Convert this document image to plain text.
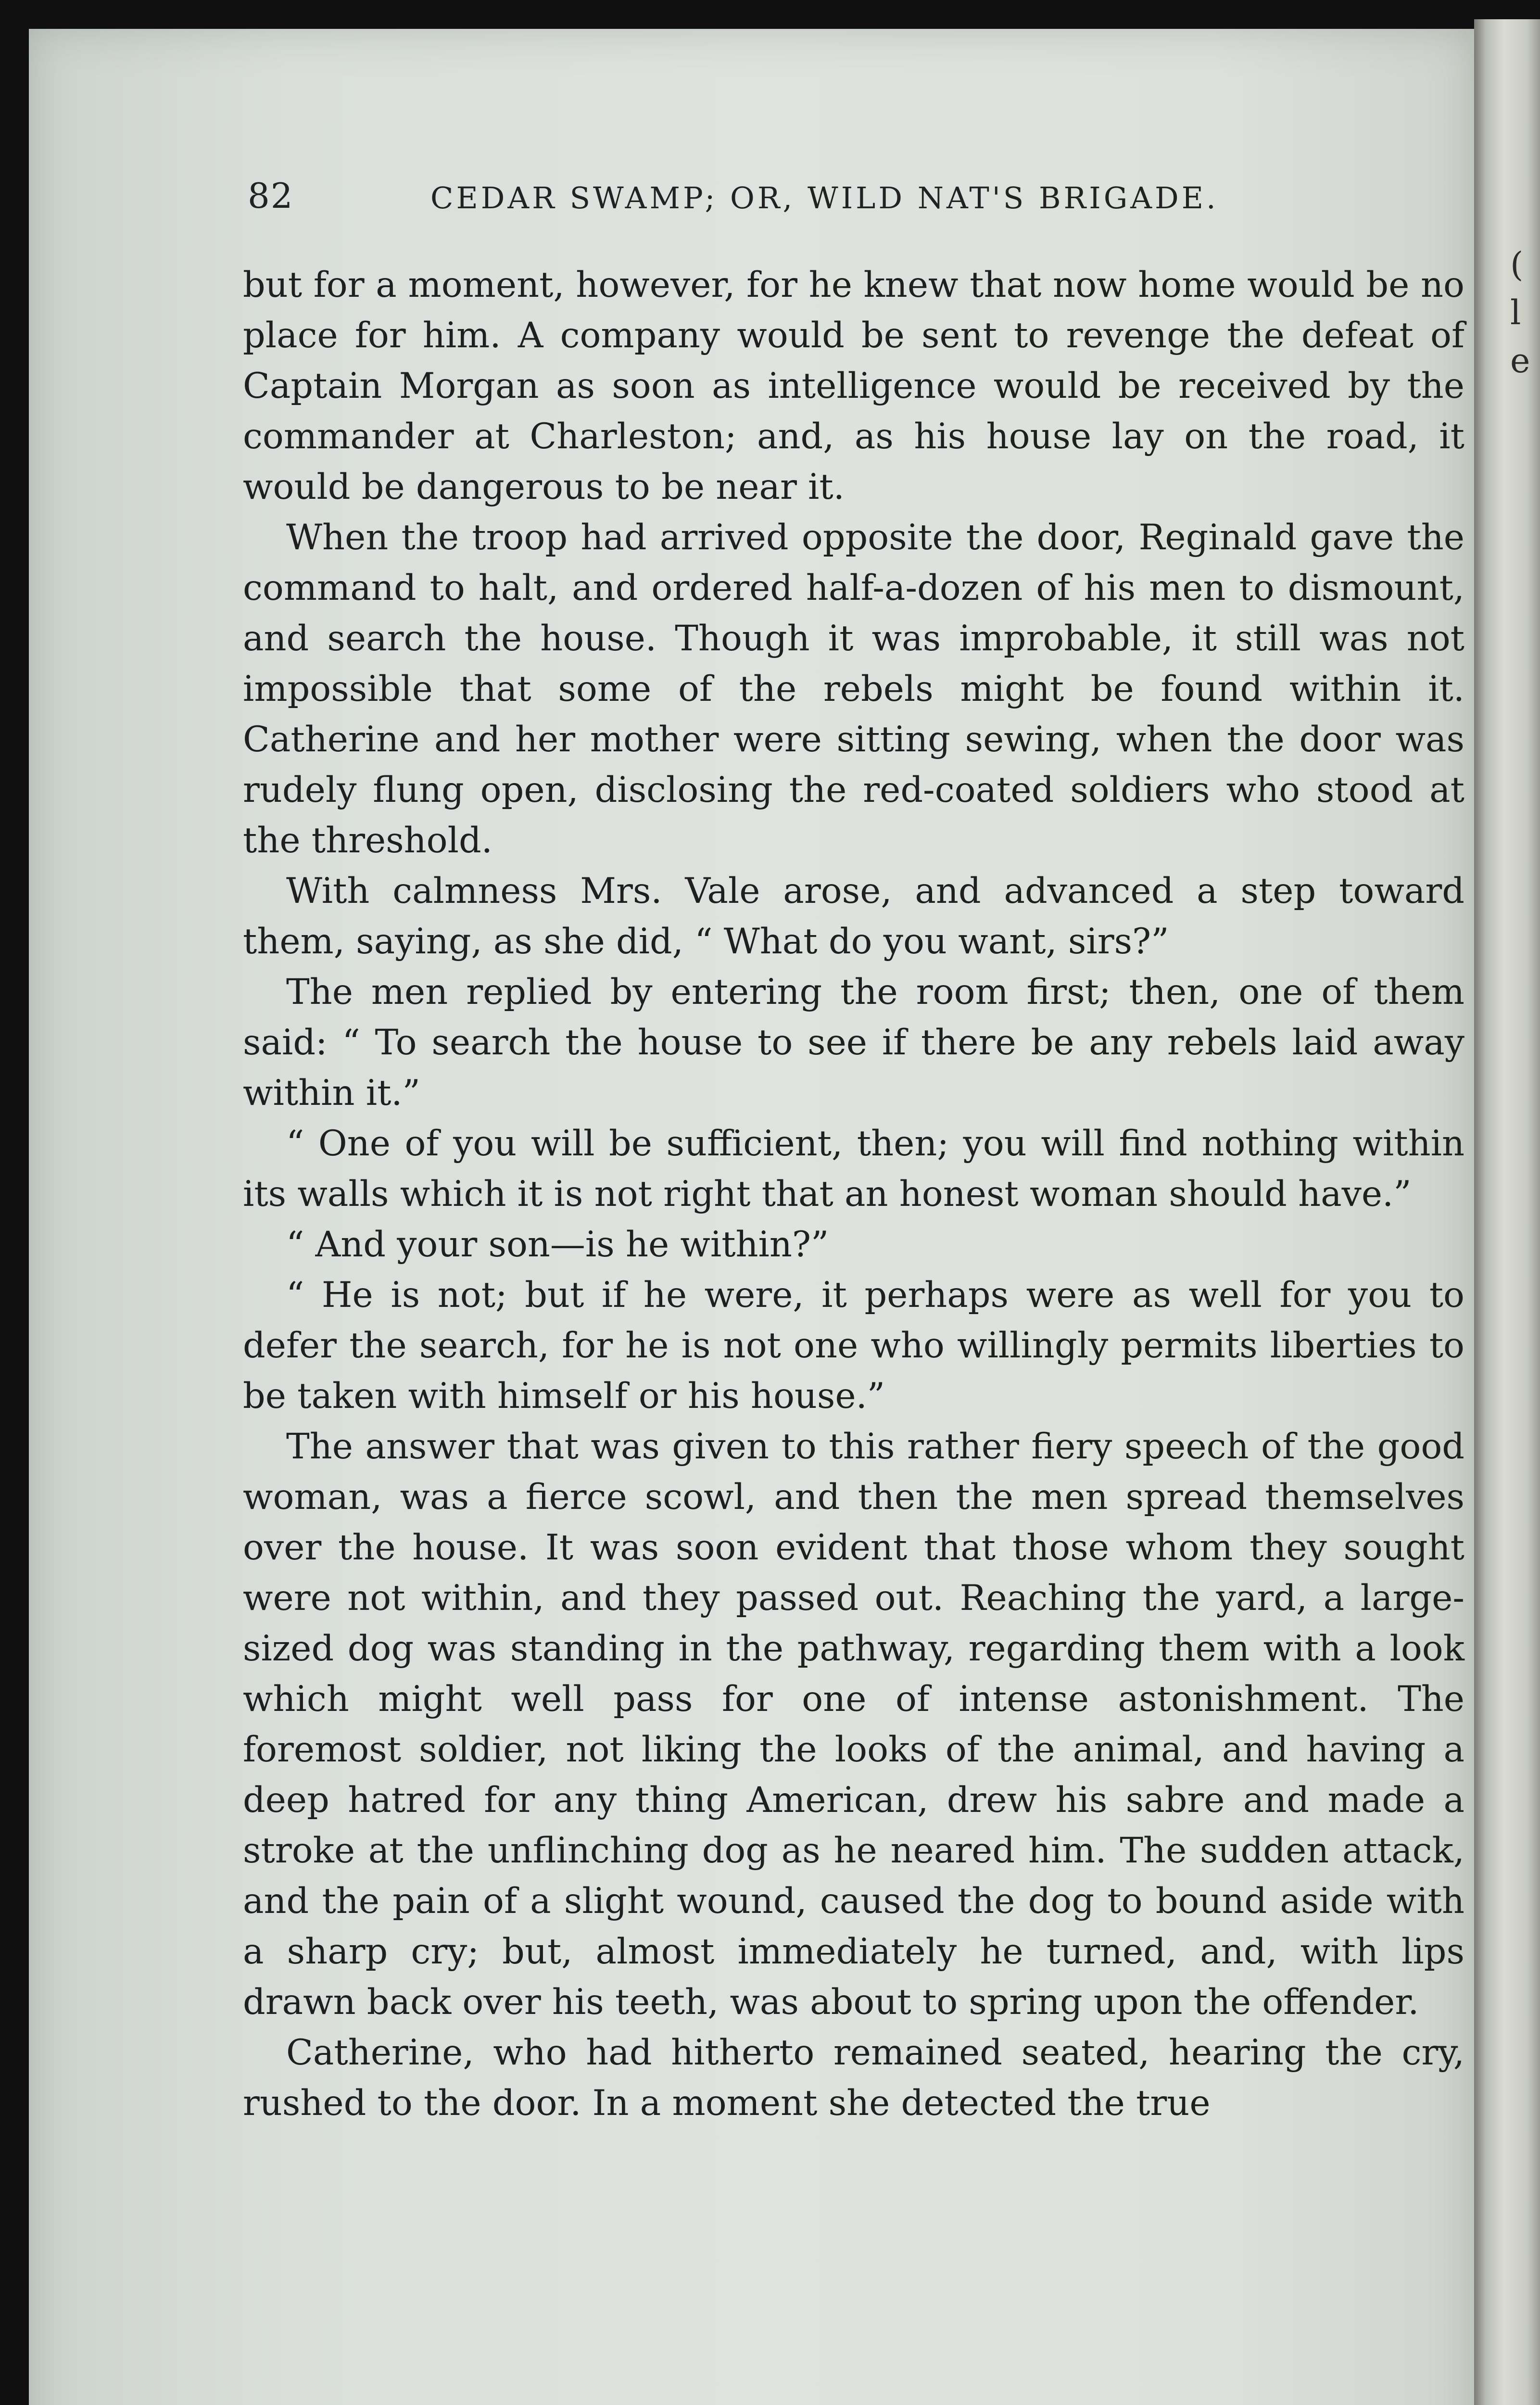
82	CEDAR SWAMP; OR, WILD NAT'S BRIGADE.

but for a moment, however, for he knew that now home would be no place for him. A company would be sent to revenge the defeat of Captain Morgan as soon as intelligence would be received by the commander at Charleston; and, as his house lay on the road, it would be dangerous to be near it.

When the troop had arrived opposite the door, Reginald gave the command to halt, and ordered half-a-dozen of his men to dismount, and search the house. Though it was improbable, it still was not impossible that some of the rebels might be found within it. Catherine and her mother were sitting sewing, when the door was rudely flung open, disclosing the red-coated soldiers who stood at the threshold.

With calmness Mrs. Vale arose, and advanced a step toward them, saying, as she did, “ What do you want, sirs?”

The men replied by entering the room first; then, one of them said: “ To search the house to see if there be any rebels laid away within it.”

“ One of you will be sufficient, then; you will find nothing within its walls which it is not right that an honest woman should have.”

“ And your son—is he within?”

“ He is not; but if he were, it perhaps were as well for you to defer the search, for he is not one who willingly permits liberties to be taken with himself or his house.”

The answer that was given to this rather fiery speech of the good woman, was a fierce scowl, and then the men spread themselves over the house. It was soon evident that those whom they sought were not within, and they passed out. Reaching the yard, a large-sized dog was standing in the pathway, regarding them with a look which might well pass for one of intense astonishment. The foremost soldier, not liking the looks of the animal, and having a deep hatred for any thing American, drew his sabre and made a stroke at the unflinching dog as he neared him. The sudden attack, and the pain of a slight wound, caused the dog to bound aside with a sharp cry; but, almost immediately he turned, and, with lips drawn back over his teeth, was about to spring upon the offender.

Catherine, who had hitherto remained seated, hearing the cry, rushed to the door. In a moment she detected the true

(
l
e
